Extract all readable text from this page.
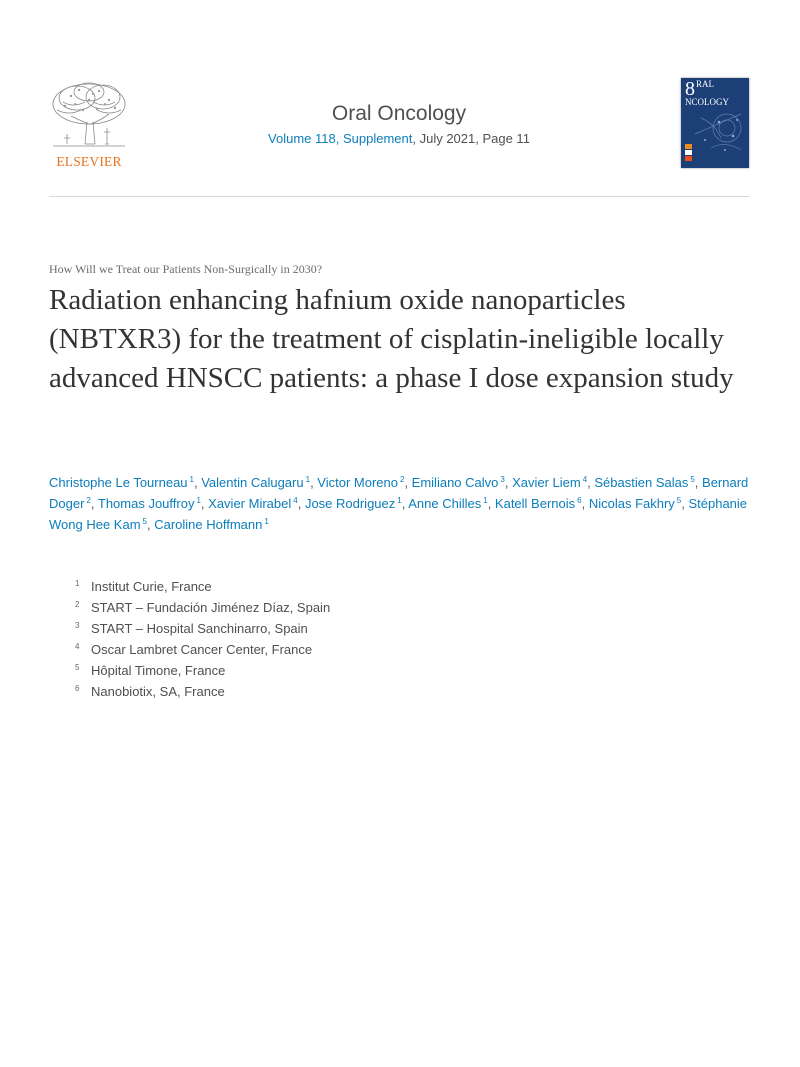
ELSEVIER
Oral Oncology
Volume 118, Supplement, July 2021, Page 11
8 RAL
NCOLOGY
How Will we Treat our Patients Non-Surgically in 2030?
Radiation enhancing hafnium oxide nanoparticles (NBTXR3) for the treatment of cisplatin-ineligible locally advanced HNSCC patients: a phase I dose expansion study
Christophe Le Tourneau $^1$, Valentin Calugaru $^1$, Victor Moreno $^2$, Emiliano Calvo $^3$, Xavier Liem $^4$, Sébastien Salas $^5$, Bernard Doger $^2$, Thomas Jouffroy $^1$, Xavier Mirabel $^4$, Jose Rodriguez $^1$, Anne Chilles $^1$, Katell Bernois $^6$, Nicolas Fakhry $^5$, Stéphanie Wong Hee Kam $^5$, Caroline Hoffmann $^1$
1 Institut Curie, France
2 START – Fundación Jiménez Díaz, Spain
3 START – Hospital Sanchinarro, Spain
4 Oscar Lambret Cancer Center, France
5 Hôpital Timone, France
6 Nanobiotix, SA, France
